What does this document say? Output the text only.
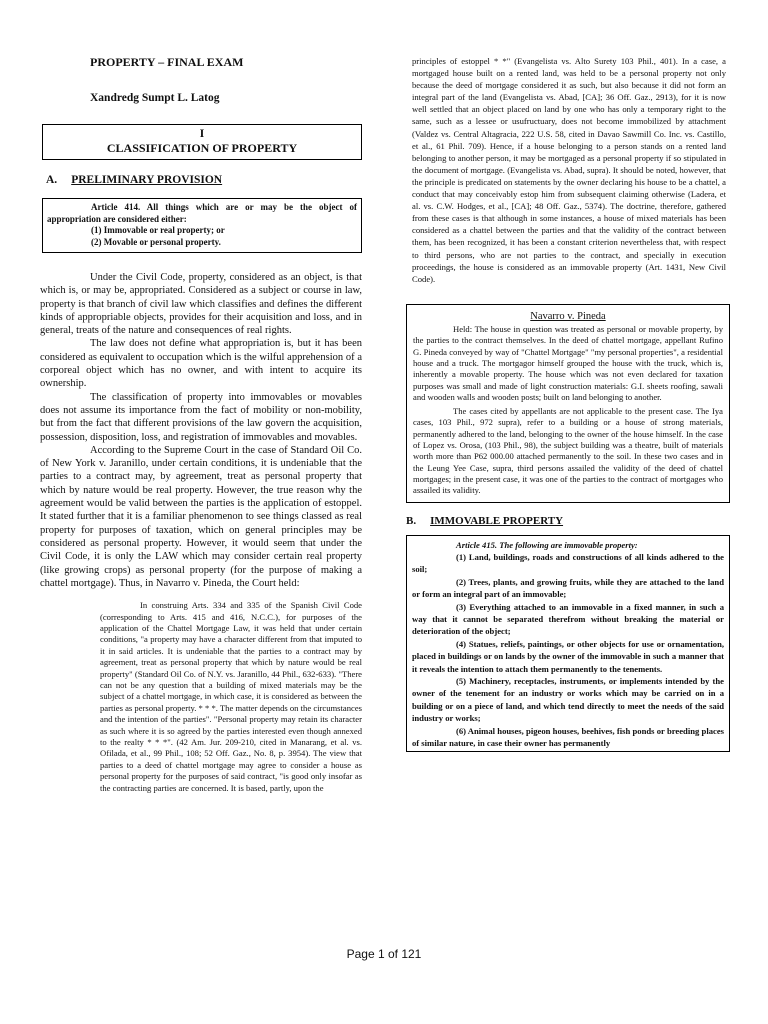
PROPERTY – FINAL EXAM
Xandredg Sumpt L. Latog
I
CLASSIFICATION OF PROPERTY
A. PRELIMINARY PROVISION

Article 414. All things which are or may be the object of appropriation are considered either:

(1) Immovable or real property; or

(2) Movable or personal property.

Under the Civil Code, property, considered as an object, is that which is, or may be, appropriated. Considered as a subject or course in law, property is that branch of civil law which classifies and defines the different kinds of appropriable objects, provides for their acquisition and loss, and in general, treats of the nature and consequences of real rights.

The law does not define what appropriation is, but it has been considered as equivalent to occupation which is the wilful apprehension of a corporeal object which has no owner, and with intent to acquire its ownership.

The classification of property into immovables or movables does not assume its importance from the fact of mobility or non-mobility, but from the fact that different provisions of the law govern the acquisition, possession, disposition, loss, and registration of immovables and movables.

According to the Supreme Court in the case of Standard Oil Co. of New York v. Jaranillo, under certain conditions, it is undeniable that the parties to a contract may, by agreement, treat as personal property that which by nature would be real property. However, the true reason why the agreement would be valid between the parties is the application of estoppel. It stated further that it is a familiar phenomenon to see things classed as real property for purposes of taxation, which on general principles may be considered as personal property. However, it would seem that under the Civil Code, it is only the LAW which may consider certain real property (like growing crops) as personal property (for the purpose of making a chattel mortgage). Thus, in Navarro v. Pineda, the Court held:

In construing Arts. 334 and 335 of the Spanish Civil Code (corresponding to Arts. 415 and 416, N.C.C.), for purposes of the application of the Chattel Mortgage Law, it was held that under certain conditions, "a property may have a character different from that imputed to it in said articles. It is undeniable that the parties to a contract may by agreement, treat as personal property that which by nature would be real property" (Standard Oil Co. of N.Y. vs. Jaranillo, 44 Phil., 632-633). "There can not be any question that a building of mixed materials may be the subject of a chattel mortgage, in which case, it is considered as between the parties as personal property. * * *. The matter depends on the circumstances and the intention of the parties". "Personal property may retain its character as such where it is so agreed by the parties interested even though annexed to the realty * * *". (42 Am. Jur. 209-210, cited in Manarang, et al. vs. Ofilada, et al., 99 Phil., 108; 52 Off. Gaz., No. 8, p. 3954). The view that parties to a deed of chattel mortgage may agree to consider a house as personal property for the purposes of said contract, "is good only insofar as the contracting parties are concerned. It is based, partly, upon the

principles of estoppel * *" (Evangelista vs. Alto Surety 103 Phil., 401). In a case, a mortgaged house built on a rented land, was held to be a personal property not only because the deed of mortgage considered it as such, but also because it did not form an integral part of the land (Evangelista vs. Abad, [CA]; 36 Off. Gaz., 2913), for it is now well settled that an object placed on land by one who has only a temporary right to the same, such as a lessee or usufructuary, does not become immobilized by attachment (Valdez vs. Central Altagracia, 222 U.S. 58, cited in Davao Sawmill Co. Inc. vs. Castillo, et al., 61 Phil. 709). Hence, if a house belonging to a person stands on a rented land belonging to another person, it may be mortgaged as a personal property if so stipulated in the document of mortgage. (Evangelista vs. Abad, supra). It should be noted, however, that the principle is predicated on statements by the owner declaring his house to be a chattel, a conduct that may conceivably estop him from subsequent claiming otherwise (Ladera, et al. vs. C.W. Hodges, et al., [CA]; 48 Off. Gaz., 5374). The doctrine, therefore, gathered from these cases is that although in some instances, a house of mixed materials has been considered as a chattel between the parties and that the validity of the contract between them, has been recognized, it has been a constant criterion nevertheless that, with respect to third persons, who are not parties to the contract, and specially in execution proceedings, the house is considered as an immovable property (Art. 1431, New Civil Code).
Navarro v. Pineda

Held: The house in question was treated as personal or movable property, by the parties to the contract themselves. In the deed of chattel mortgage, appellant Rufino G. Pineda conveyed by way of "Chattel Mortgage" "my personal properties", a residential house and a truck. The mortgagor himself grouped the house with the truck, which is, inherently a movable property. The house which was not even declared for taxation purposes was small and made of light construction materials: G.I. sheets roofing, sawali and wooden walls and wooden posts; built on land belonging to another.

The cases cited by appellants are not applicable to the present case. The Iya cases, 103 Phil., 972 supra), refer to a building or a house of strong materials, permanently adhered to the land, belonging to the owner of the house himself. In the case of Lopez vs. Orosa, (103 Phil., 98), the subject building was a theatre, built of materials worth more than P62 000.00 attached permanently to the soil. In these two cases and in the Leung Yee Case, supra, third persons assailed the validity of the deed of chattel mortgages; in the present case, it was one of the parties to the contract of mortgages who assailed its validity.

B. IMMOVABLE PROPERTY

Article 415. The following are immovable property:

(1) Land, buildings, roads and constructions of all kinds adhered to the soil;

(2) Trees, plants, and growing fruits, while they are attached to the land or form an integral part of an immovable;

(3) Everything attached to an immovable in a fixed manner, in such a way that it cannot be separated therefrom without breaking the material or deterioration of the object;

(4) Statues, reliefs, paintings, or other objects for use or ornamentation, placed in buildings or on lands by the owner of the immovable in such a manner that it reveals the intention to attach them permanently to the tenements.

(5) Machinery, receptacles, instruments, or implements intended by the owner of the tenement for an industry or works which may be carried on in a building or on a piece of land, and which tend directly to meet the needs of the said industry or works;

(6) Animal houses, pigeon houses, beehives, fish ponds or breeding places of similar nature, in case their owner has permanently

Page 1 of 121
